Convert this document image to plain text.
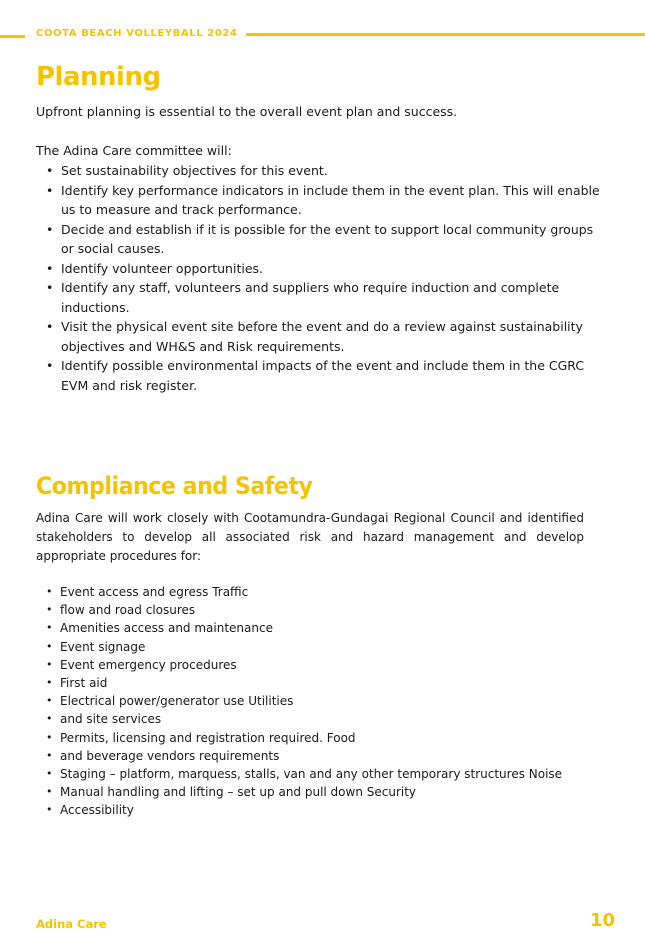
COOTA BEACH VOLLEYBALL 2024
Planning

Upfront planning is essential to the overall event plan and success.

The Adina Care committee will:

• Set sustainability objectives for this event.
• Identify key performance indicators in include them in the event plan. This will enable us to measure and track performance.
• Decide and establish if it is possible for the event to support local community groups or social causes.
• Identify volunteer opportunities.
• Identify any staff, volunteers and suppliers who require induction and complete inductions.
• Visit the physical event site before the event and do a review against sustainability objectives and WH&S and Risk requirements.
• Identify possible environmental impacts of the event and include them in the CGRC EVM and risk register.
Compliance and Safety

Adina Care will work closely with Cootamundra-Gundagai Regional Council and identified stakeholders to develop all associated risk and hazard management and develop appropriate procedures for:

• Event access and egress Traffic
• flow and road closures
• Amenities access and maintenance
• Event signage
• Event emergency procedures
• First aid
• Electrical power/generator use Utilities
• and site services
• Permits, licensing and registration required. Food
• and beverage vendors requirements
• Staging – platform, marquess, stalls, van and any other temporary structures Noise
• Manual handling and lifting – set up and pull down Security
• Accessibility
Adina Care	10
